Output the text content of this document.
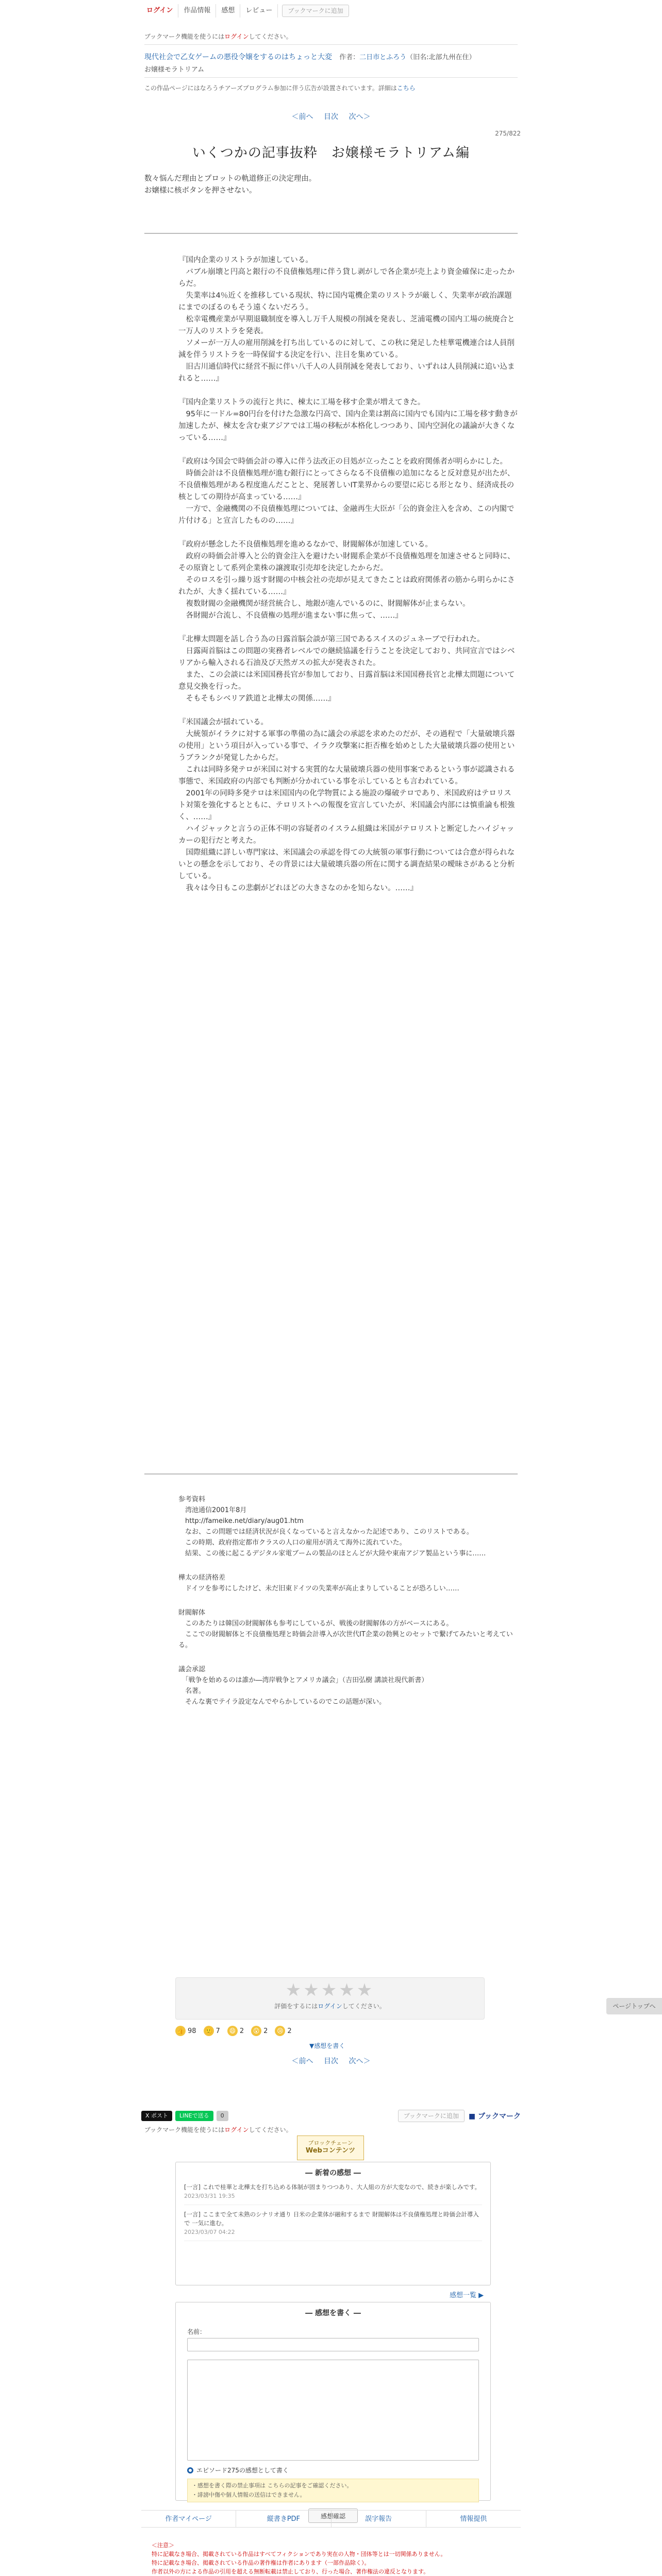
ログイン	作品情報	感想	レビュー	ブックマークに追加
ブックマーク機能を使うにはログインしてください。
現代社会で乙女ゲームの悪役令嬢をするのはちょっと大変 作者：二日市とふろう（旧名:北部九州在住）
お嬢様モラトリアム
この作品ページにはなろうチアーズプログラム参加に伴う広告が設置されています。詳細はこちら
＜前へ 目次 次へ＞
275/822
いくつかの記事抜粋　お嬢様モラトリアム編

数々悩んだ理由とプロットの軌道修正の決定理由。

お嬢様に核ボタンを押させない。

『国内企業のリストラが加速している。

　バブル崩壊と円高と銀行の不良債権処理に伴う貸し剥がしで各企業が売上より資金確保に走ったからだ。

　失業率は4％近くを推移している現状、特に国内電機企業のリストラが厳しく、失業率が政治課題にまでのぼるのもそう遠くないだろう。

　松幸電機産業が早期退職制度を導入し万千人規模の削減を発表し、芝浦電機の国内工場の統廃合と一万人のリストラを発表。

　ソメーが一万人の雇用削減を打ち出しているのに対して、この秋に発足した桂華電機連合は人員削減を伴うリストラを一時保留する決定を行い、注目を集めている。

　旧古川通信時代に経営不振に伴い八千人の人員削減を発表しており、いずれは人員削減に追い込まれると……』

『国内企業リストラの流行と共に、棟太に工場を移す企業が増えてきた。

　95年に一ドル=80円台を付けた急激な円高で、国内企業は割高に国内でも国内に工場を移す動きが加速したが、棟太を含む東アジアでは工場の移転が本格化しつつあり、国内空洞化の議論が大きくなっている……』

『政府は今国会で時価会計の導入に伴う法改正の目処が立ったことを政府関係者が明らかにした。

　時価会計は不良債権処理が進む銀行にとってさらなる不良債権の追加になると反対意見が出たが、不良債権処理がある程度進んだことと、発展著しいIT業界からの要望に応じる形となり、経済成長の核としての期待が高まっている……』

　一方で、金融機関の不良債権処理については、金融再生大臣が「公的資金注入を含め、この内閣で片付ける」と宣言したものの……』

『政府が懸念した不良債権処理を進めるなかで、財閥解体が加速している。

　政府の時価会計導入と公的資金注入を避けたい財閥系企業が不良債権処理を加速させると同時に、その原資として系列企業株の譲渡取引売却を決定したからだ。

　そのロスを引っ繰り返す財閥の中核会社の売却が見えてきたことは政府関係者の筋から明らかにされたが、大きく揺れている……』

　複数財閥の金融機関が経営統合し、地銀が進んでいるのに、財閥解体が止まらない。

　各財閥が合流し、不良債権の処理が進まない事に焦って、……』

『北樺太問題を話し合う為の日露首脳会談が第三国であるスイスのジュネーブで行われた。

　日露両首脳はこの問題の実務者レベルでの継続協議を行うことを決定しており、共同宣言ではシベリアから輸入される石油及び天然ガスの拡大が発表された。

　また、この会談には米国国務長官が参加しており、日露首脳は米国国務長官と北樺太問題について意見交換を行った。

　そもそもシベリア鉄道と北樺太の関係……』

『米国議会が揺れている。

　大統領がイラクに対する軍事の準備の為に議会の承認を求めたのだが、その過程で「大量破壊兵器の使用」という項目が入っている事で、イラク攻撃案に拒否権を始めとした大量破壊兵器の使用というブランクが発覚したからだ。

　これは同時多発テロが米国に対する実質的な大量破壊兵器の使用事案であるという事が認識される事態で、米国政府の内部でも判断が分かれている事を示しているとも言われている。

　2001年の同時多発テロは米国国内の化学物質による施設の爆破テロであり、米国政府はテロリスト対策を強化するとともに、テロリストへの報復を宣言していたが、米国議会内部には慎重論も根強く、……』

　ハイジャックと言うの正体不明の容疑者のイスラム組織は米国がテロリストと断定したハイジャッカーの犯行だと考えた。

　国際組織に詳しい専門家は、米国議会の承認を得ての大統領の軍事行動については合意が得られないとの懸念を示しており、その背景には大量破壊兵器の所在に関する調査結果の曖昧さがあると分析している。

　我々は今日もこの悲劇がどれほどの大きさなのかを知らない。……』

参考資料

　湾池通信2001年8月

　http://fameike.net/diary/aug01.htm

　なお、この問題では経済状況が良くなっていると言えなかった記述であり、このリストである。

　この時期、政府指定都市クラスの人口の雇用が消えて海外に流れていた。

　結果、この後に起こるデジタル家電ブームの製品のほとんどが大陸や東南アジア製品という事に……

樺太の経済格差

　ドイツを参考にしたけど、未だ旧東ドイツの失業率が高止まりしていることが恐ろしい……

財閥解体

　このあたりは韓国の財閥解体も参考にしているが、戦後の財閥解体の方がベースにある。
　ここでの財閥解体と不良債権処理と時価会計導入が次世代IT企業の勃興とのセットで繋げてみたいと考えている。

議会承認

　「戦争を始めるのは誰か―湾岸戦争とアメリカ議会」（吉田弘樹 講談社現代新書）
　名著。
　そんな裏でテイラ設定なんでやらかしているのでこの話題が深い。

★★★★★
評価をするにはログインしてください。
👍 98 🙂 7	😄 2	😮 2	😢 2
▼感想を書く
ページトップへ
＜前へ 目次 次へ＞
X ポスト	LINEで送る	0	ブックマークに追加	■ ブックマーク
ブックマーク機能を使うにはログインしてください。
ブロックチェーン
Webコンテンツ
― 新着の感想 ―
[一言] これで桂華と北樺太を打ち込める体制が固まりつつあり、大人組の方が大変なので、続きが楽しみです。
2023/03/31 19:35
[一言] ここまで全て未熟のシナリオ通り 日米の企業体が融和するまで 財閥解体は不良債権処理と時価会計導入で 一気に進む。
2023/03/07 04:22
感想一覧 ▶
― 感想を書く ―
名前：
エピソード275の感想として書く
・感想を書く際の禁止事項は こちらの記事をご確認ください。
・誹謗中傷や個人情報の送信はできません。
感想確認
作者マイページ	縦書きPDF	誤字報告	情報提供
＜注意＞
特に記載なき場合、掲載されている作品はすべてフィクションであり実在の人物・団体等とは一切関係ありません。
特に記載なき場合、掲載されている作品の著作権は作者にあります（一部作品除く）。
作者以外の方による作品の引用を超える無断転載は禁止しており、行った場合、著作権法の違反となります。
